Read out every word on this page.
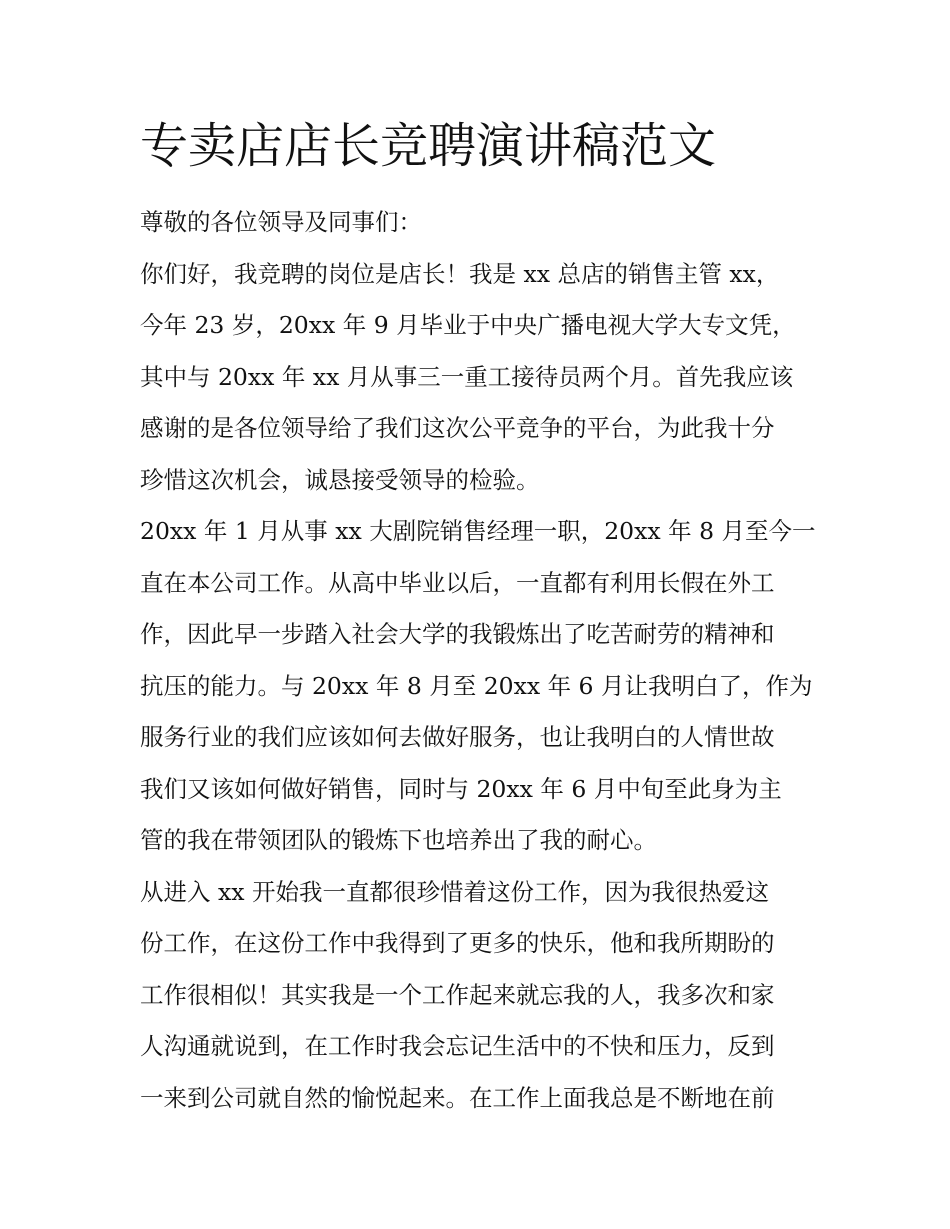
专卖店店长竞聘演讲稿范文
尊敬的各位领导及同事们：
你们好，我竞聘的岗位是店长！我是 xx 总店的销售主管 xx，
今年 23 岁，20xx 年 9 月毕业于中央广播电视大学大专文凭，
其中与 20xx 年 xx 月从事三一重工接待员两个月。首先我应该
感谢的是各位领导给了我们这次公平竞争的平台，为此我十分
珍惜这次机会，诚恳接受领导的检验。
20xx 年 1 月从事 xx 大剧院销售经理一职，20xx 年 8 月至今一
直在本公司工作。从高中毕业以后，一直都有利用长假在外工
作，因此早一步踏入社会大学的我锻炼出了吃苦耐劳的精神和
抗压的能力。与 20xx 年 8 月至 20xx 年 6 月让我明白了，作为
服务行业的我们应该如何去做好服务，也让我明白的人情世故
我们又该如何做好销售，同时与 20xx 年 6 月中旬至此身为主
管的我在带领团队的锻炼下也培养出了我的耐心。
从进入 xx 开始我一直都很珍惜着这份工作，因为我很热爱这
份工作，在这份工作中我得到了更多的快乐，他和我所期盼的
工作很相似！其实我是一个工作起来就忘我的人，我多次和家
人沟通就说到，在工作时我会忘记生活中的不快和压力，反到
一来到公司就自然的愉悦起来。在工作上面我总是不断地在前
